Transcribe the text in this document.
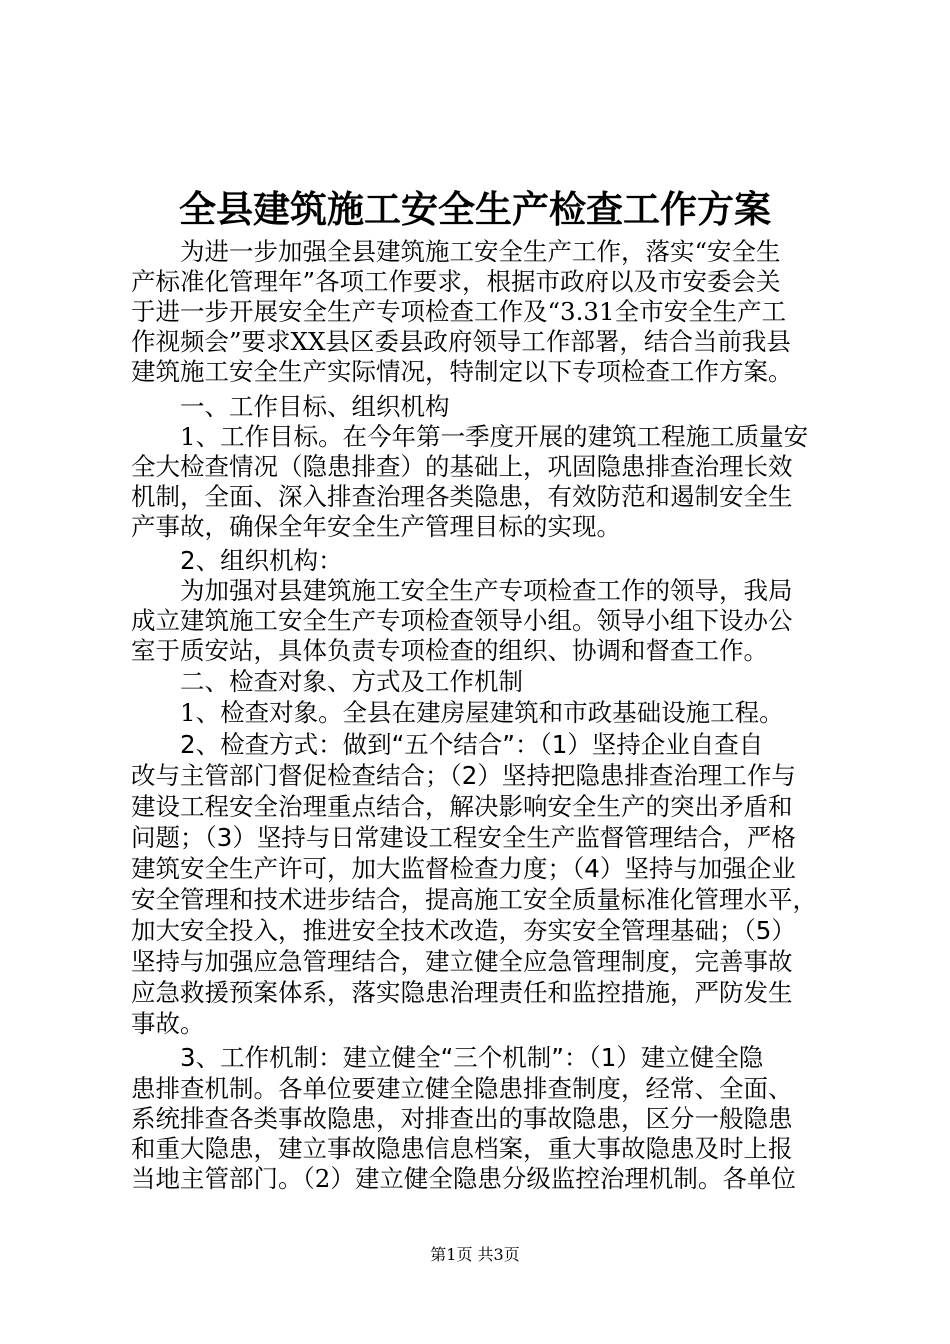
全县建筑施工安全生产检查工作方案
　　为进一步加强全县建筑施工安全生产工作，落实“安全生
产标准化管理年”各项工作要求，根据市政府以及市安委会关
于进一步开展安全生产专项检查工作及“3.31全市安全生产工
作视频会”要求XX县区委县政府领导工作部署，结合当前我县
建筑施工安全生产实际情况，特制定以下专项检查工作方案。
　　一、工作目标、组织机构
　　1、工作目标。在今年第一季度开展的建筑工程施工质量安
全大检查情况（隐患排查）的基础上，巩固隐患排查治理长效
机制，全面、深入排查治理各类隐患，有效防范和遏制安全生
产事故，确保全年安全生产管理目标的实现。
　　2、组织机构：
　　为加强对县建筑施工安全生产专项检查工作的领导，我局
成立建筑施工安全生产专项检查领导小组。领导小组下设办公
室于质安站，具体负责专项检查的组织、协调和督查工作。
　　二、检查对象、方式及工作机制
　　1、检查对象。全县在建房屋建筑和市政基础设施工程。
　　2、检查方式：做到“五个结合”：（1）坚持企业自查自
改与主管部门督促检查结合；（2）坚持把隐患排查治理工作与
建设工程安全治理重点结合，解决影响安全生产的突出矛盾和
问题；（3）坚持与日常建设工程安全生产监督管理结合，严格
建筑安全生产许可，加大监督检查力度；（4）坚持与加强企业
安全管理和技术进步结合，提高施工安全质量标准化管理水平，
加大安全投入，推进安全技术改造，夯实安全管理基础；（5）
坚持与加强应急管理结合，建立健全应急管理制度，完善事故
应急救援预案体系，落实隐患治理责任和监控措施，严防发生
事故。
　　3、工作机制：建立健全“三个机制”：（1）建立健全隐
患排查机制。各单位要建立健全隐患排查制度，经常、全面、
系统排查各类事故隐患，对排查出的事故隐患，区分一般隐患
和重大隐患，建立事故隐患信息档案，重大事故隐患及时上报
当地主管部门。（2）建立健全隐患分级监控治理机制。各单位
第1页 共3页
